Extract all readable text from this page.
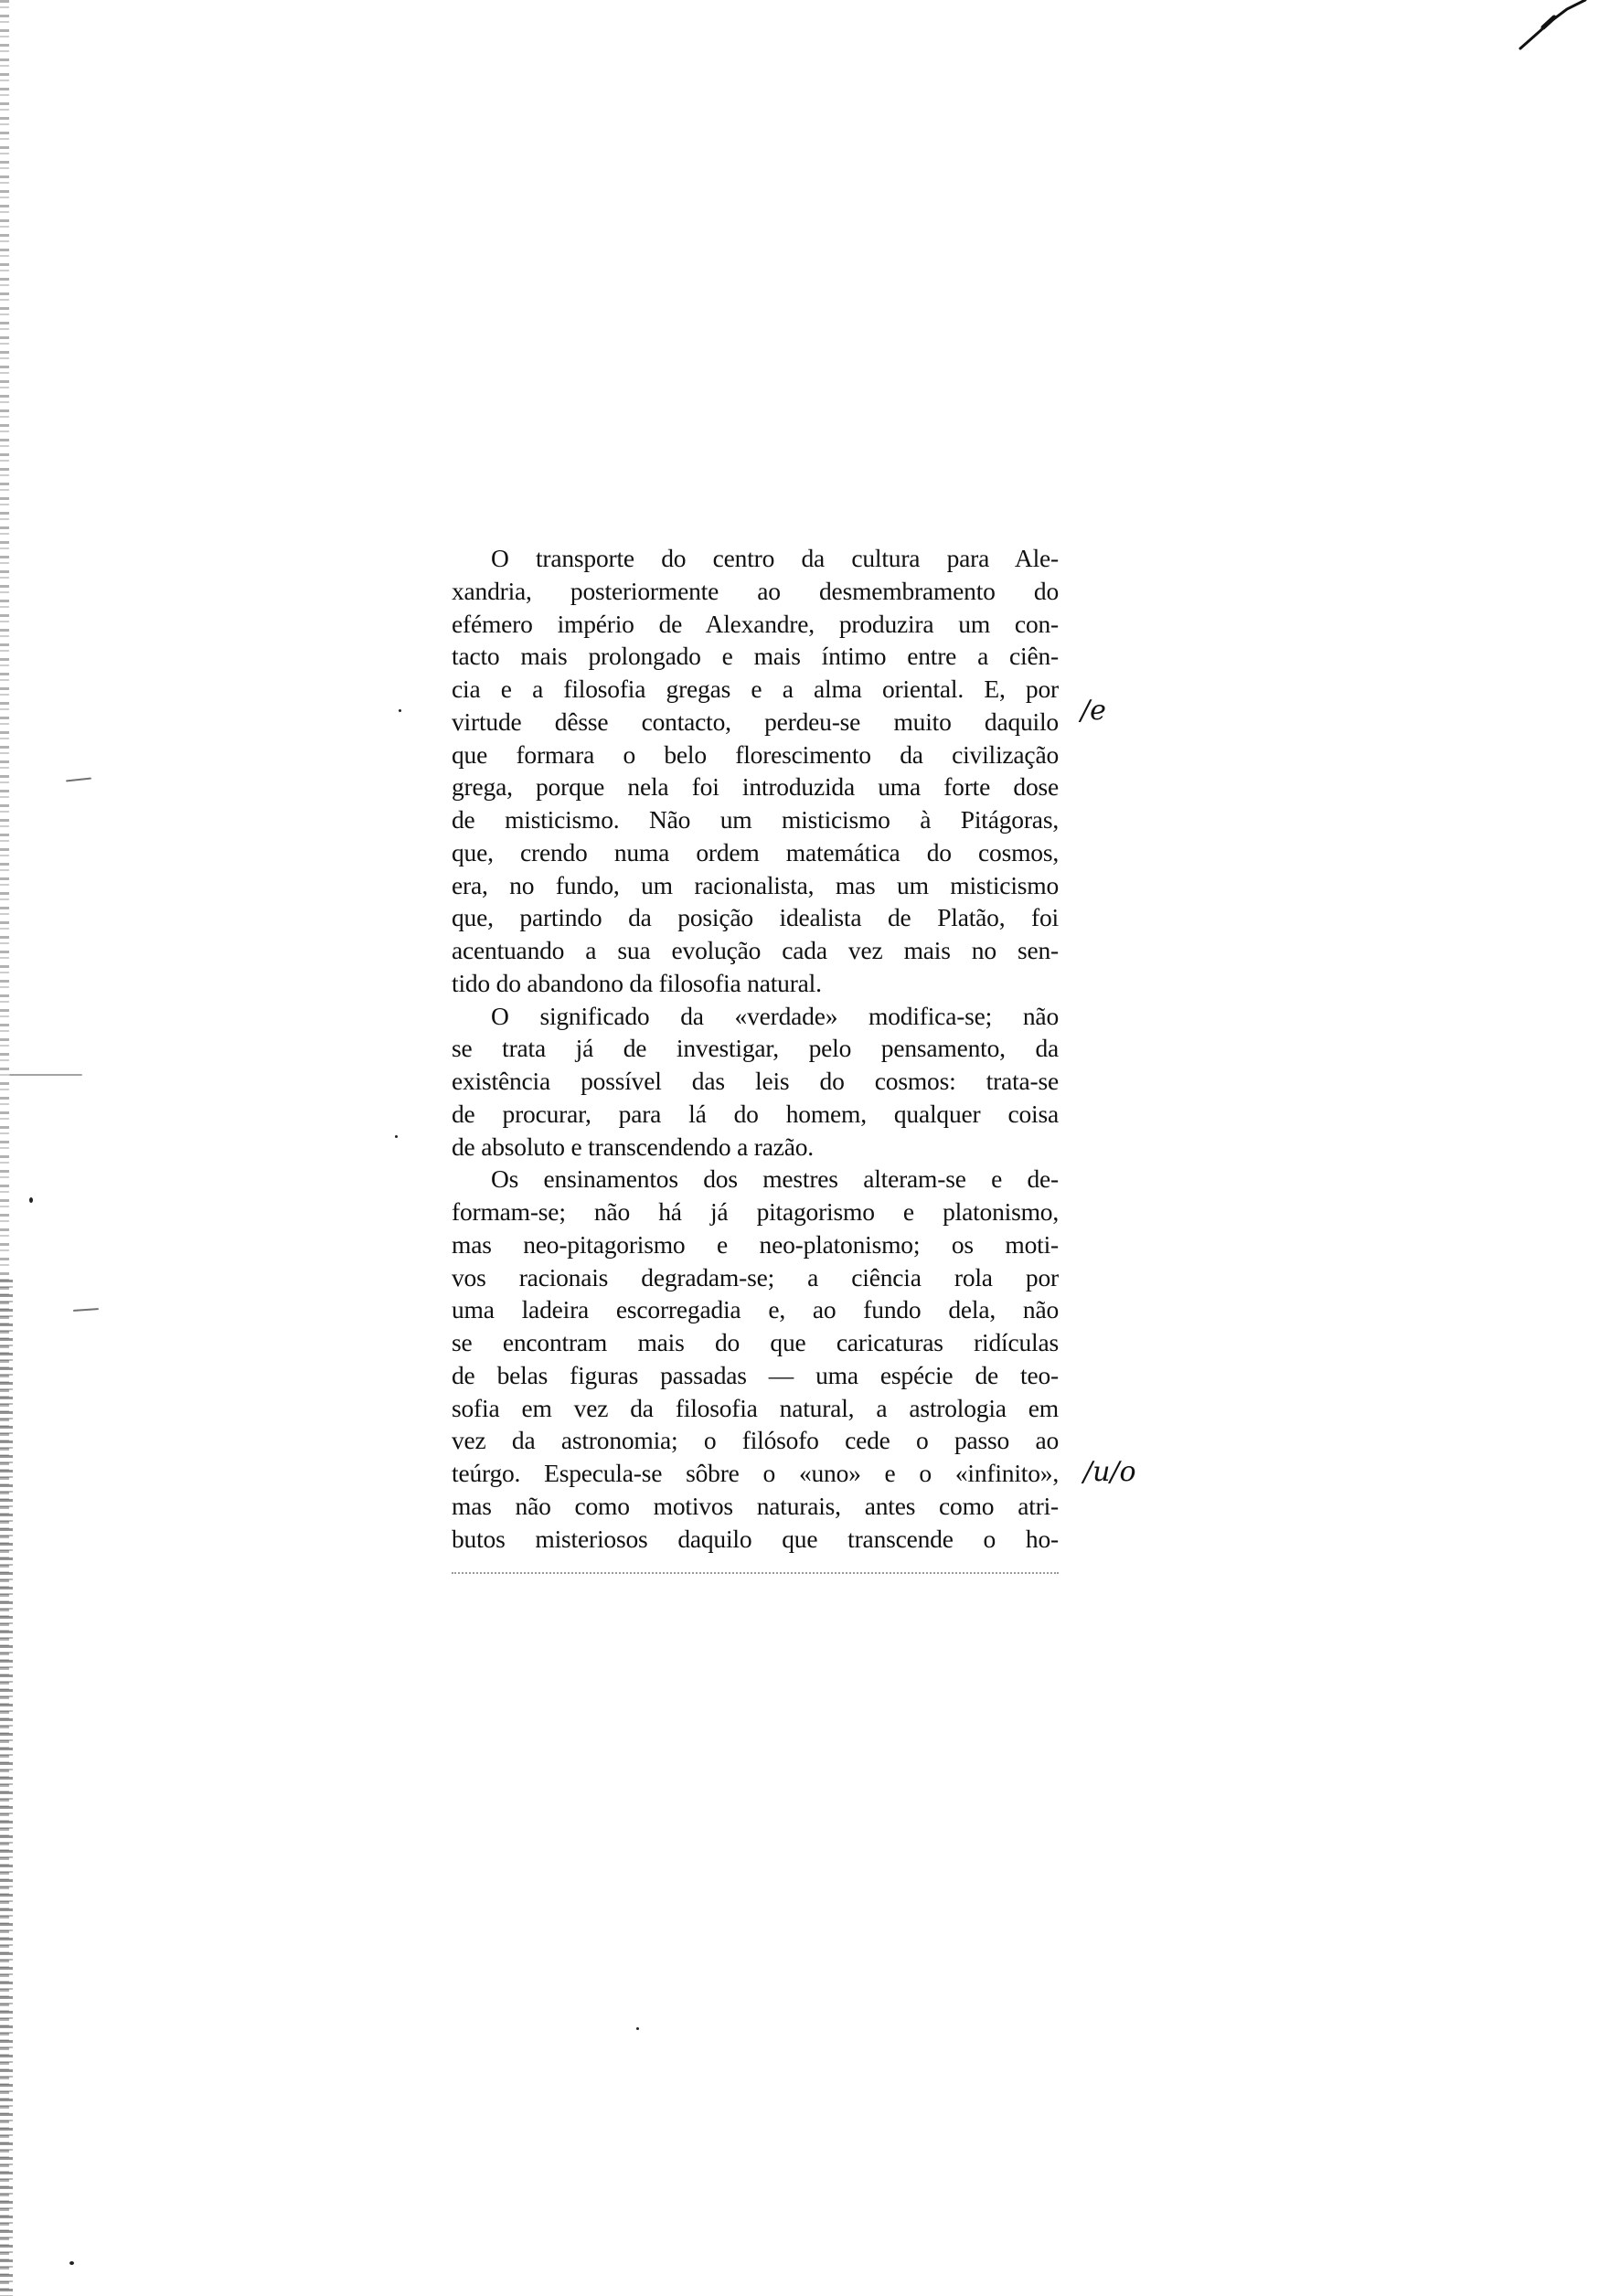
O transporte do centro da cultura para Ale-
xandria, posteriormente ao desmembramento do
efémero império de Alexandre, produzira um con-
tacto mais prolongado e mais íntimo entre a ciên-
cia e a filosofia gregas e a alma oriental. E, por
virtude dêsse contacto, perdeu-se muito daquilo
que formara o belo florescimento da civilização
grega, porque nela foi introduzida uma forte dose
de misticismo. Não um misticismo à Pitágoras,
que, crendo numa ordem matemática do cosmos,
era, no fundo, um racionalista, mas um misticismo
que, partindo da posição idealista de Platão, foi
acentuando a sua evolução cada vez mais no sen-
tido do abandono da filosofia natural.
O significado da «verdade» modifica-se; não
se trata já de investigar, pelo pensamento, da
existência possível das leis do cosmos: trata-se
de procurar, para lá do homem, qualquer coisa
de absoluto e transcendendo a razão.
Os ensinamentos dos mestres alteram-se e de-
formam-se; não há já pitagorismo e platonismo,
mas neo-pitagorismo e neo-platonismo; os moti-
vos racionais degradam-se; a ciência rola por
uma ladeira escorregadia e, ao fundo dela, não
se encontram mais do que caricaturas ridículas
de belas figuras passadas — uma espécie de teo-
sofia em vez da filosofia natural, a astrologia em
vez da astronomia; o filósofo cede o passo ao
teúrgo. Especula-se sôbre o «uno» e o «infinito»,
mas não como motivos naturais, antes como atri-
butos misteriosos daquilo que transcende o ho-
/e
/u/o
